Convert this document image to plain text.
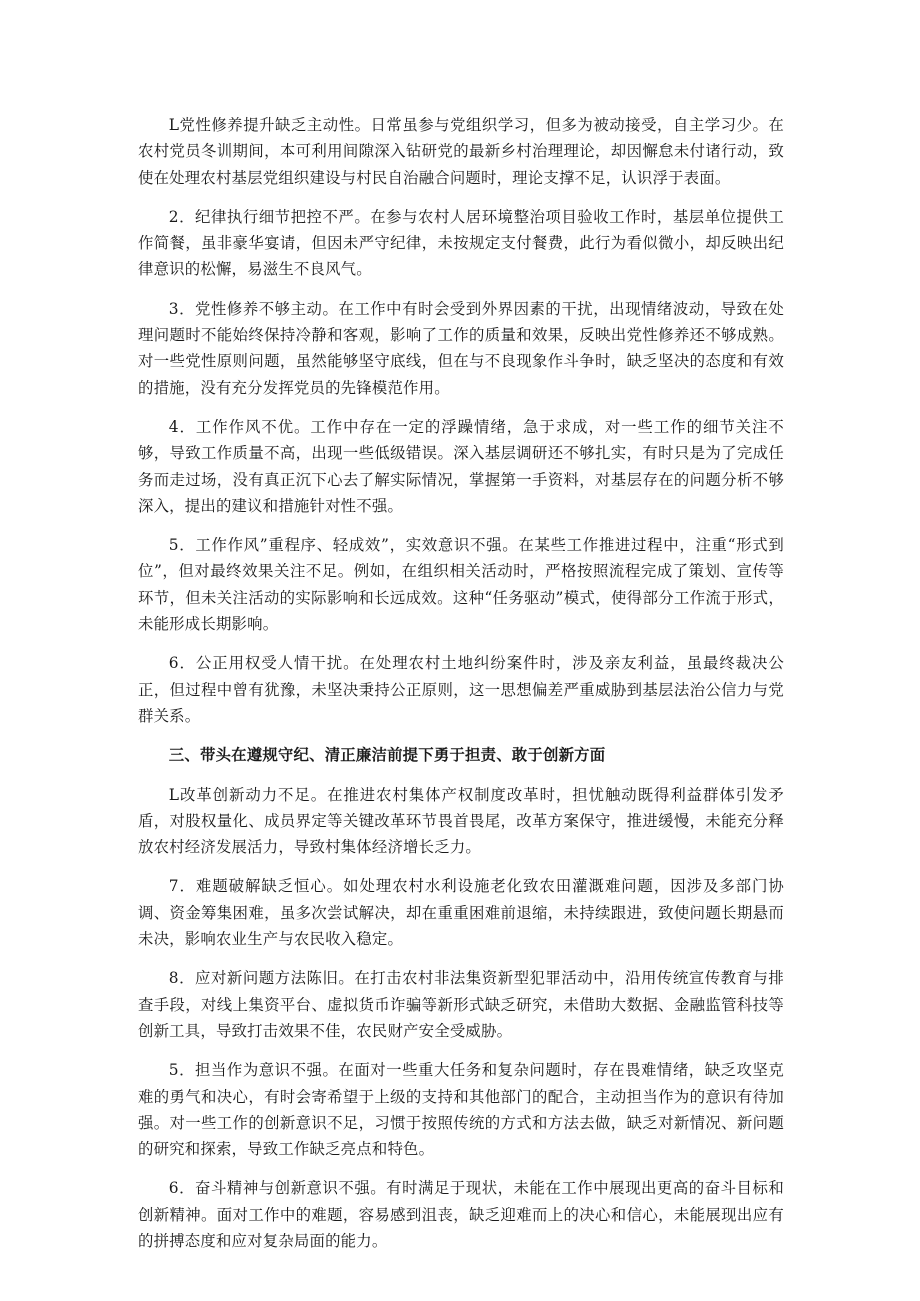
L党性修养提升缺乏主动性。日常虽参与党组织学习，但多为被动接受，自主学习少。在农村党员冬训期间，本可利用间隙深入钻研党的最新乡村治理理论，却因懈怠未付诸行动，致使在处理农村基层党组织建设与村民自治融合问题时，理论支撑不足，认识浮于表面。

2．纪律执行细节把控不严。在参与农村人居环境整治项目验收工作时，基层单位提供工作简餐，虽非豪华宴请，但因未严守纪律，未按规定支付餐费，此行为看似微小，却反映出纪律意识的松懈，易滋生不良风气。

3．党性修养不够主动。在工作中有时会受到外界因素的干扰，出现情绪波动，导致在处理问题时不能始终保持冷静和客观，影响了工作的质量和效果，反映出党性修养还不够成熟。对一些党性原则问题，虽然能够坚守底线，但在与不良现象作斗争时，缺乏坚决的态度和有效的措施，没有充分发挥党员的先锋模范作用。

4．工作作风不优。工作中存在一定的浮躁情绪，急于求成，对一些工作的细节关注不够，导致工作质量不高，出现一些低级错误。深入基层调研还不够扎实，有时只是为了完成任务而走过场，没有真正沉下心去了解实际情况，掌握第一手资料，对基层存在的问题分析不够深入，提出的建议和措施针对性不强。

5．工作作风”重程序、轻成效”，实效意识不强。在某些工作推进过程中，注重“形式到位”，但对最终效果关注不足。例如，在组织相关活动时，严格按照流程完成了策划、宣传等环节，但未关注活动的实际影响和长远成效。这种“任务驱动”模式，使得部分工作流于形式，未能形成长期影响。

6．公正用权受人情干扰。在处理农村土地纠纷案件时，涉及亲友利益，虽最终裁决公正，但过程中曾有犹豫，未坚决秉持公正原则，这一思想偏差严重威胁到基层法治公信力与党群关系。

三、带头在遵规守纪、清正廉洁前提下勇于担责、敢于创新方面

L改革创新动力不足。在推进农村集体产权制度改革时，担忧触动既得利益群体引发矛盾，对股权量化、成员界定等关键改革环节畏首畏尾，改革方案保守，推进缓慢，未能充分释放农村经济发展活力，导致村集体经济增长乏力。

7．难题破解缺乏恒心。如处理农村水利设施老化致农田灌溉难问题，因涉及多部门协调、资金筹集困难，虽多次尝试解决，却在重重困难前退缩，未持续跟进，致使问题长期悬而未决，影响农业生产与农民收入稳定。

8．应对新问题方法陈旧。在打击农村非法集资新型犯罪活动中，沿用传统宣传教育与排查手段，对线上集资平台、虚拟货币诈骗等新形式缺乏研究，未借助大数据、金融监管科技等创新工具，导致打击效果不佳，农民财产安全受威胁。

5．担当作为意识不强。在面对一些重大任务和复杂问题时，存在畏难情绪，缺乏攻坚克难的勇气和决心，有时会寄希望于上级的支持和其他部门的配合，主动担当作为的意识有待加强。对一些工作的创新意识不足，习惯于按照传统的方式和方法去做，缺乏对新情况、新问题的研究和探索，导致工作缺乏亮点和特色。

6．奋斗精神与创新意识不强。有时满足于现状，未能在工作中展现出更高的奋斗目标和创新精神。面对工作中的难题，容易感到沮丧，缺乏迎难而上的决心和信心，未能展现出应有的拼搏态度和应对复杂局面的能力。
